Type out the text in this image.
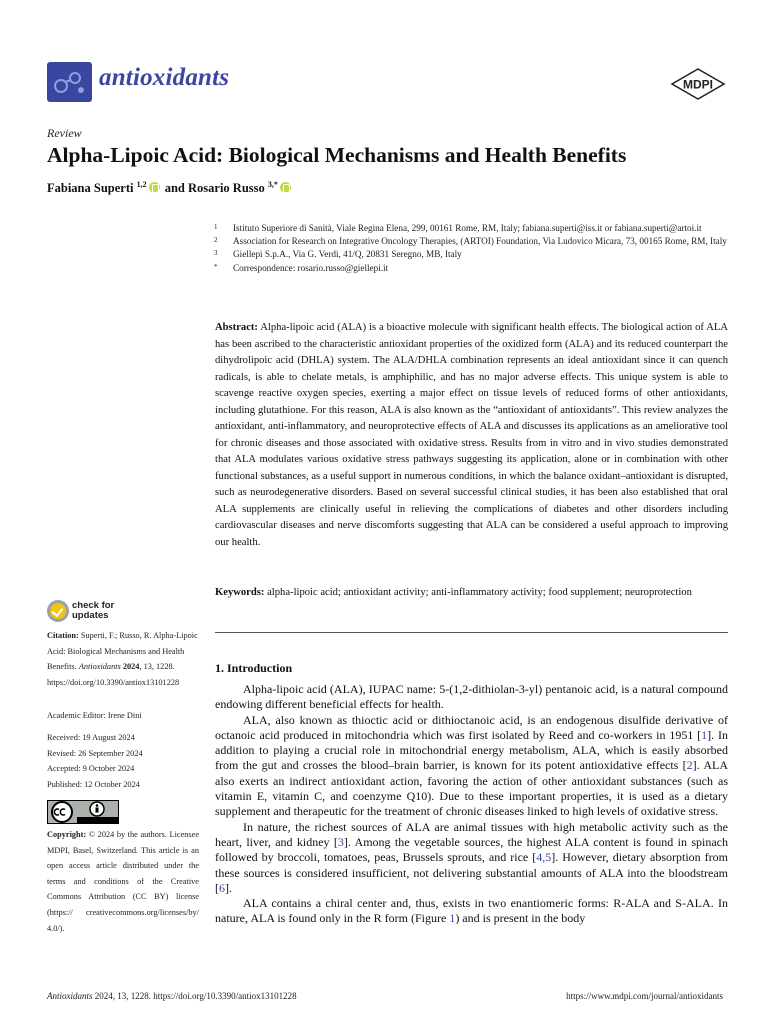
antioxidants	MDPI
Review
Alpha-Lipoic Acid: Biological Mechanisms and Health Benefits
Fabiana Superti $^{1,2}$ and Rosario Russo $^{3,*}$
1	Istituto Superiore di Sanità, Viale Regina Elena, 299, 00161 Rome, RM, Italy; fabiana.superti@iss.it or fabiana.superti@artoi.it
2	Association for Research on Integrative Oncology Therapies, (ARTOI) Foundation, Via Ludovico Micara, 73, 00165 Rome, RM, Italy
3	Giellepi S.p.A., Via G. Verdi, 41/Q, 20831 Seregno, MB, Italy
*	Correspondence: rosario.russo@giellepi.it
Abstract: Alpha-lipoic acid (ALA) is a bioactive molecule with significant health effects. The biological action of ALA has been ascribed to the characteristic antioxidant properties of the oxidized form (ALA) and its reduced counterpart the dihydrolipoic acid (DHLA) system. The ALA/DHLA combination represents an ideal antioxidant since it can quench radicals, is able to chelate metals, is amphiphilic, and has no major adverse effects. This unique system is able to scavenge reactive oxygen species, exerting a major effect on tissue levels of reduced forms of other antioxidants, including glutathione. For this reason, ALA is also known as the “antioxidant of antioxidants”. This review analyzes the antioxidant, anti-inflammatory, and neuroprotective effects of ALA and discusses its applications as an ameliorative tool for chronic diseases and those associated with oxidative stress. Results from in vitro and in vivo studies demonstrated that ALA modulates various oxidative stress pathways suggesting its application, alone or in combination with other functional substances, as a useful support in numerous conditions, in which the balance oxidant–antioxidant is disrupted, such as neurodegenerative disorders. Based on several successful clinical studies, it has been also established that oral ALA supplements are clinically useful in relieving the complications of diabetes and other disorders including cardiovascular diseases and nerve discomforts suggesting that ALA can be considered a useful approach to improving our health.
Keywords: alpha-lipoic acid; antioxidant activity; anti-inflammatory activity; food supplement; neuroprotection
check for
updates
Citation: Superti, F.; Russo, R. Alpha-Lipoic Acid: Biological Mechanisms and Health Benefits. Antioxidants 2024, 13, 1228. https://doi.org/10.3390/antiox13101228
Academic Editor: Irene Dini
Received: 19 August 2024
Revised: 26 September 2024
Accepted: 9 October 2024
Published: 12 October 2024
Copyright: © 2024 by the authors. Licensee MDPI, Basel, Switzerland. This article is an open access article distributed under the terms and conditions of the Creative Commons Attribution (CC BY) license (https:// creativecommons.org/licenses/by/ 4.0/).
1. Introduction

Alpha-lipoic acid (ALA), IUPAC name: 5-(1,2-dithiolan-3-yl) pentanoic acid, is a natural compound endowing different beneficial effects for health.

ALA, also known as thioctic acid or dithioctanoic acid, is an endogenous disulfide derivative of octanoic acid produced in mitochondria which was first isolated by Reed and co-workers in 1951 [1]. In addition to playing a crucial role in mitochondrial energy metabolism, ALA, which is easily absorbed from the gut and crosses the blood–brain barrier, is known for its potent antioxidative effects [2]. ALA also exerts an indirect antioxidant action, favoring the action of other antioxidant substances (such as vitamin E, vitamin C, and coenzyme Q10). Due to these important properties, it is used as a dietary supplement and therapeutic for the treatment of chronic diseases linked to high levels of oxidative stress.

In nature, the richest sources of ALA are animal tissues with high metabolic activity such as the heart, liver, and kidney [3]. Among the vegetable sources, the highest ALA content is found in spinach followed by broccoli, tomatoes, peas, Brussels sprouts, and rice [4,5]. However, dietary absorption from these sources is considered insufficient, not delivering substantial amounts of ALA into the bloodstream [6].

ALA contains a chiral center and, thus, exists in two enantiomeric forms: R-ALA and S-ALA. In nature, ALA is found only in the R form (Figure 1) and is present in the body

Antioxidants 2024, 13, 1228. https://doi.org/10.3390/antiox13101228	https://www.mdpi.com/journal/antioxidants
